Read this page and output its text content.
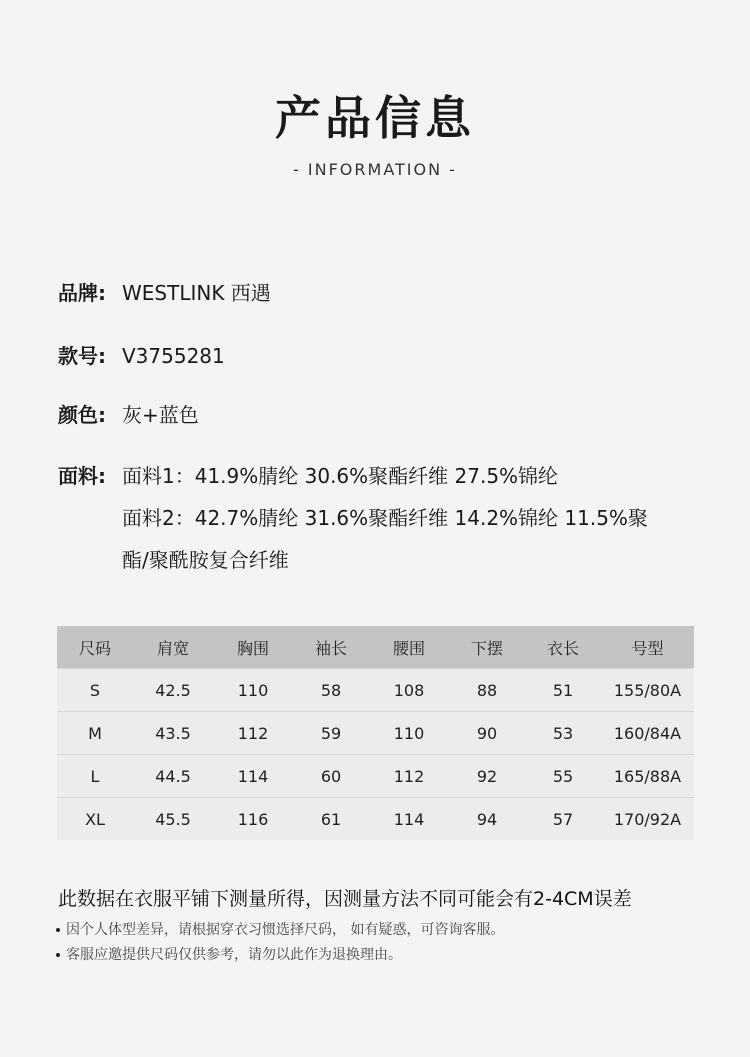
产品信息
- INFORMATION -
品牌: WESTLINK 西遇
款号: V3755281
颜色: 灰+蓝色
面料: 面料1：41.9%腈纶 30.6%聚酯纤维 27.5%锦纶
面料2：42.7%腈纶 31.6%聚酯纤维 14.2%锦纶 11.5%聚
酯/聚酰胺复合纤维
尺码	肩宽	胸围	袖长	腰围	下摆	衣长	号型
S	42.5	110	58	108	88	51	155/80A
M	43.5	112	59	110	90	53	160/84A
L	44.5	114	60	112	92	55	165/88A
XL	45.5	116	61	114	94	57	170/92A
此数据在衣服平铺下测量所得，因测量方法不同可能会有2-4CM误差
因个人体型差异，请根据穿衣习惯选择尺码， 如有疑惑，可咨询客服。
客服应邀提供尺码仅供参考，请勿以此作为退换理由。
